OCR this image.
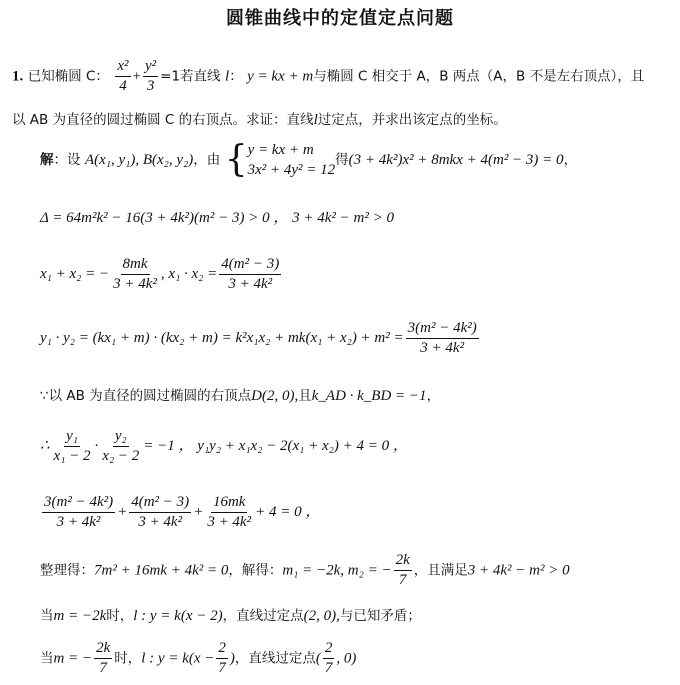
圆锥曲线中的定值定点问题
1. 已知椭圆 C： $\frac{\text{x²}}{4} + \frac{\text{y²}}{3} =1$若直线 l： y = kx + m与椭圆 C 相交于 A，B 两点（A，B 不是左右顶点），且
以 AB 为直径的圆过椭圆 C 的右顶点。求证：直线l过定点，并求出该定点的坐标。
解：设 A(x₁, y₁), B(x₂, y₂)，由 { y = kx + m
3x² + 4y² = 12
得(3 + 4k²)x² + 8mkx + 4(m² − 3) = 0，
Δ = 64m²k² − 16(3 + 4k²)(m² − 3) > 0 ， 3 + 4k² − m² > 0
x₁ + x₂ = − $\frac{8mk}{\text{3 + 4k²}}$ , $x_1 \cdot x_2 = \frac{\text{4(m² − 3)}}{\text{3 + 4k²}}$
$y_1 \cdot y_2 = (kx_1 + m) \cdot (kx_2 + m) = k^2x_1x_2 + mk(x_1 + x_2) + m^2 = \frac{\text{3(m² − 4k²)}}{\text{3 + 4k²}}$
∵以 AB 为直径的圆过椭圆的右顶点D(2, 0),且k_AD · k_BD = −1，
∴ $\frac{\text{y₁}}{\text{x₁ − 2}} \cdot \frac{\text{y₂}}{\text{x₂ − 2}} = -1$ ， y₁y₂ + x₁x₂ − 2(x₁ + x₂) + 4 = 0 ，
$\frac{\text{3(m² − 4k²)}}{\text{3 + 4k²}} + \frac{\text{4(m² − 3)}}{\text{3 + 4k²}} + \frac{16mk}{\text{3 + 4k²}} + 4 = 0$ ，
整理得：7m² + 16mk + 4k² = 0，解得：m₁ = −2k, m₂ = − $\frac{2k}{7}$ ，且满足3 + 4k² − m² > 0
当m = −2k时，l : y = k(x − 2)，直线过定点(2, 0),与已知矛盾；
当m = − $\frac{2k}{7}$ 时，l : $y = k(x - \frac{2}{7}$ )，直线过定点( $\frac{2}{7}$ , 0)
